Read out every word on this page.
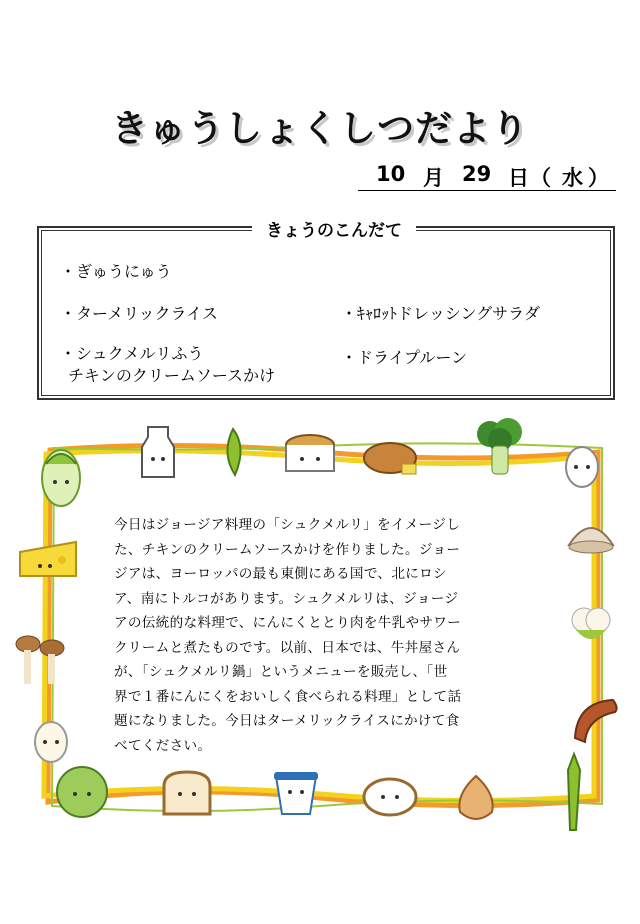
きゅうしょくしつだより
10 月 29 日 （ 水 ）
きょうのこんだて
・ぎゅうにゅう
・ターメリックライス
・シュクメルリふう
チキンのクリームソースかけ
・ｷｬﾛｯﾄドレッシングサラダ
・ドライプルーン
今日はジョージア料理の「シュクメルリ」をイメージし
た、チキンのクリームソースかけを作りました。ジョー
ジアは、ヨーロッパの最も東側にある国で、北にロシ
ア、南にトルコがあります。シュクメルリは、ジョージ
アの伝統的な料理で、にんにくととり肉を牛乳やサワー
クリームと煮たものです。以前、日本では、牛丼屋さん
が、「シュクメルリ鍋」というメニューを販売し、「世
界で１番にんにくをおいしく食べられる料理」として話
題になりました。今日はターメリックライスにかけて食
べてください。
